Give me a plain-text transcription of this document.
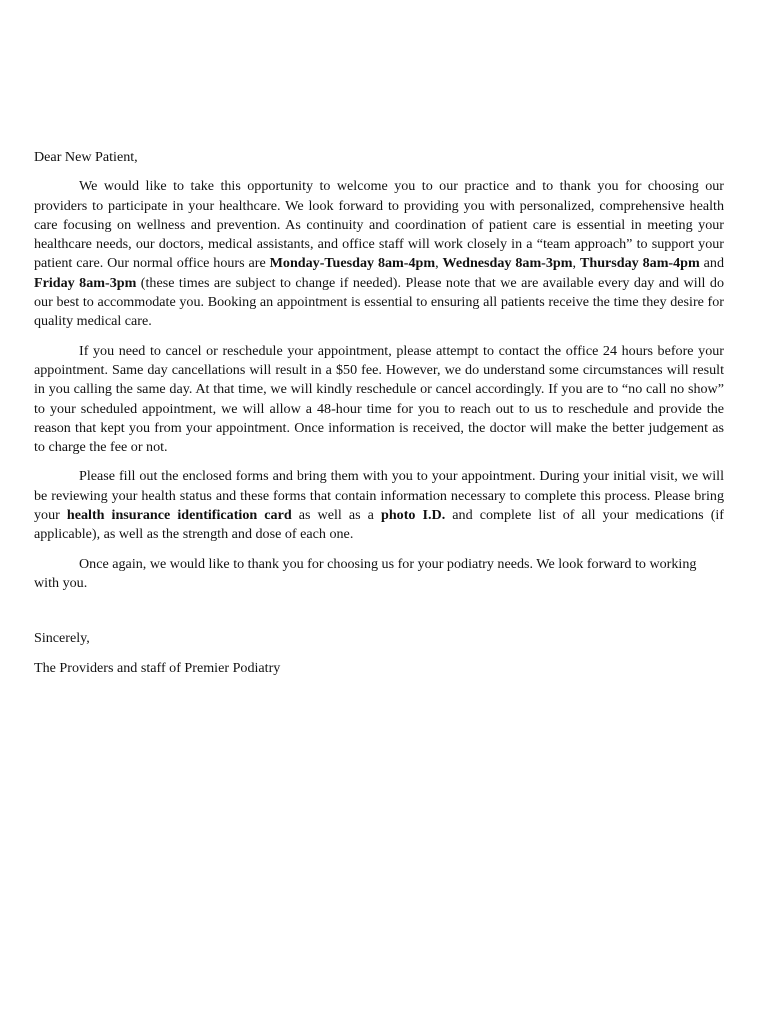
Dear New Patient,

We would like to take this opportunity to welcome you to our practice and to thank you for choosing our providers to participate in your healthcare. We look forward to providing you with personalized, comprehensive health care focusing on wellness and prevention. As continuity and coordination of patient care is essential in meeting your healthcare needs, our doctors, medical assistants, and office staff will work closely in a “team approach” to support your patient care. Our normal office hours are Monday-Tuesday 8am-4pm, Wednesday 8am-3pm, Thursday 8am-4pm and Friday 8am-3pm (these times are subject to change if needed). Please note that we are available every day and will do our best to accommodate you. Booking an appointment is essential to ensuring all patients receive the time they desire for quality medical care.

If you need to cancel or reschedule your appointment, please attempt to contact the office 24 hours before your appointment. Same day cancellations will result in a $50 fee. However, we do understand some circumstances will result in you calling the same day. At that time, we will kindly reschedule or cancel accordingly. If you are to “no call no show” to your scheduled appointment, we will allow a 48-hour time for you to reach out to us to reschedule and provide the reason that kept you from your appointment. Once information is received, the doctor will make the better judgement as to charge the fee or not.

Please fill out the enclosed forms and bring them with you to your appointment. During your initial visit, we will be reviewing your health status and these forms that contain information necessary to complete this process. Please bring your health insurance identification card as well as a photo I.D. and complete list of all your medications (if applicable), as well as the strength and dose of each one.

Once again, we would like to thank you for choosing us for your podiatry needs. We look forward to working with you.

Sincerely,

The Providers and staff of Premier Podiatry
